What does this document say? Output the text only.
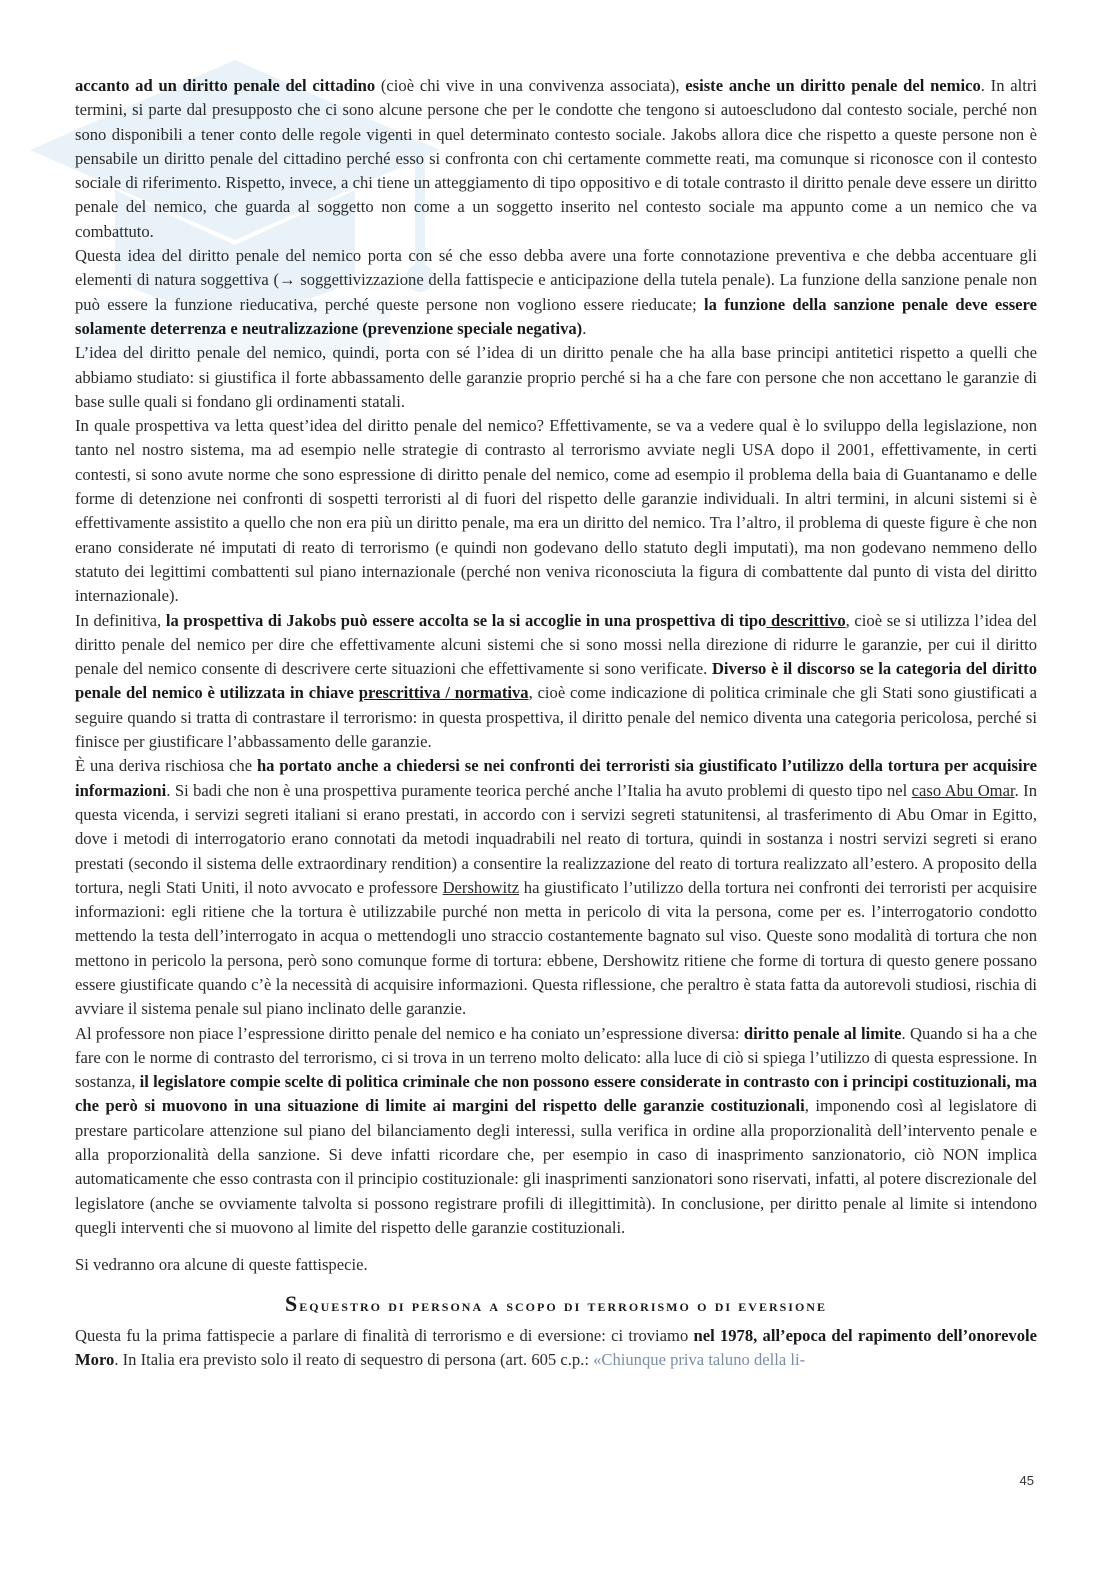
accanto ad un diritto penale del cittadino (cioè chi vive in una convivenza associata), esiste anche un diritto penale del nemico. In altri termini, si parte dal presupposto che ci sono alcune persone che per le condotte che tengono si autoescludono dal contesto sociale, perché non sono disponibili a tener conto delle regole vigenti in quel determinato contesto sociale. Jakobs allora dice che rispetto a queste persone non è pensabile un diritto penale del cittadino perché esso si confronta con chi certamente commette reati, ma comunque si riconosce con il contesto sociale di riferimento. Rispetto, invece, a chi tiene un atteggiamento di tipo oppositivo e di totale contrasto il diritto penale deve essere un diritto penale del nemico, che guarda al soggetto non come a un soggetto inserito nel contesto sociale ma appunto come a un nemico che va combattuto.

Questa idea del diritto penale del nemico porta con sé che esso debba avere una forte connotazione preventiva e che debba accentuare gli elementi di natura soggettiva (→ soggettivizzazione della fattispecie e anticipazione della tutela penale). La funzione della sanzione penale non può essere la funzione rieducativa, perché queste persone non vogliono essere rieducate; la funzione della sanzione penale deve essere solamente deterrenza e neutralizzazione (prevenzione speciale negativa).

L’idea del diritto penale del nemico, quindi, porta con sé l’idea di un diritto penale che ha alla base principi antitetici rispetto a quelli che abbiamo studiato: si giustifica il forte abbassamento delle garanzie proprio perché si ha a che fare con persone che non accettano le garanzie di base sulle quali si fondano gli ordinamenti statali.

In quale prospettiva va letta quest’idea del diritto penale del nemico? Effettivamente, se va a vedere qual è lo sviluppo della legislazione, non tanto nel nostro sistema, ma ad esempio nelle strategie di contrasto al terrorismo avviate negli USA dopo il 2001, effettivamente, in certi contesti, si sono avute norme che sono espressione di diritto penale del nemico, come ad esempio il problema della baia di Guantanamo e delle forme di detenzione nei confronti di sospetti terroristi al di fuori del rispetto delle garanzie individuali. In altri termini, in alcuni sistemi si è effettivamente assistito a quello che non era più un diritto penale, ma era un diritto del nemico. Tra l’altro, il problema di queste figure è che non erano considerate né imputati di reato di terrorismo (e quindi non godevano dello statuto degli imputati), ma non godevano nemmeno dello statuto dei legittimi combattenti sul piano internazionale (perché non veniva riconosciuta la figura di combattente dal punto di vista del diritto internazionale).

In definitiva, la prospettiva di Jakobs può essere accolta se la si accoglie in una prospettiva di tipo descrittivo, cioè se si utilizza l’idea del diritto penale del nemico per dire che effettivamente alcuni sistemi che si sono mossi nella direzione di ridurre le garanzie, per cui il diritto penale del nemico consente di descrivere certe situazioni che effettivamente si sono verificate. Diverso è il discorso se la categoria del diritto penale del nemico è utilizzata in chiave prescrittiva / normativa, cioè come indicazione di politica criminale che gli Stati sono giustificati a seguire quando si tratta di contrastare il terrorismo: in questa prospettiva, il diritto penale del nemico diventa una categoria pericolosa, perché si finisce per giustificare l’abbassamento delle garanzie.

È una deriva rischiosa che ha portato anche a chiedersi se nei confronti dei terroristi sia giustificato l’utilizzo della tortura per acquisire informazioni. Si badi che non è una prospettiva puramente teorica perché anche l’Italia ha avuto problemi di questo tipo nel caso Abu Omar. In questa vicenda, i servizi segreti italiani si erano prestati, in accordo con i servizi segreti statunitensi, al trasferimento di Abu Omar in Egitto, dove i metodi di interrogatorio erano connotati da metodi inquadrabili nel reato di tortura, quindi in sostanza i nostri servizi segreti si erano prestati (secondo il sistema delle extraordinary rendition) a consentire la realizzazione del reato di tortura realizzato all’estero. A proposito della tortura, negli Stati Uniti, il noto avvocato e professore Dershowitz ha giustificato l’utilizzo della tortura nei confronti dei terroristi per acquisire informazioni: egli ritiene che la tortura è utilizzabile purché non metta in pericolo di vita la persona, come per es. l’interrogatorio condotto mettendo la testa dell’interrogato in acqua o mettendogli uno straccio costantemente bagnato sul viso. Queste sono modalità di tortura che non mettono in pericolo la persona, però sono comunque forme di tortura: ebbene, Dershowitz ritiene che forme di tortura di questo genere possano essere giustificate quando c’è la necessità di acquisire informazioni. Questa riflessione, che peraltro è stata fatta da autorevoli studiosi, rischia di avviare il sistema penale sul piano inclinato delle garanzie.

Al professore non piace l’espressione diritto penale del nemico e ha coniato un’espressione diversa: diritto penale al limite. Quando si ha a che fare con le norme di contrasto del terrorismo, ci si trova in un terreno molto delicato: alla luce di ciò si spiega l’utilizzo di questa espressione. In sostanza, il legislatore compie scelte di politica criminale che non possono essere considerate in contrasto con i principi costituzionali, ma che però si muovono in una situazione di limite ai margini del rispetto delle garanzie costituzionali, imponendo così al legislatore di prestare particolare attenzione sul piano del bilanciamento degli interessi, sulla verifica in ordine alla proporzionalità dell’intervento penale e alla proporzionalità della sanzione. Si deve infatti ricordare che, per esempio in caso di inasprimento sanzionatorio, ciò NON implica automaticamente che esso contrasta con il principio costituzionale: gli inasprimenti sanzionatori sono riservati, infatti, al potere discrezionale del legislatore (anche se ovviamente talvolta si possono registrare profili di illegittimità). In conclusione, per diritto penale al limite si intendono quegli interventi che si muovono al limite del rispetto delle garanzie costituzionali.

Si vedranno ora alcune di queste fattispecie.

Sequestro di persona a scopo di terrorismo o di eversione

Questa fu la prima fattispecie a parlare di finalità di terrorismo e di eversione: ci troviamo nel 1978, all’epoca del rapimento dell’onorevole Moro. In Italia era previsto solo il reato di sequestro di persona (art. 605 c.p.: «Chiunque priva taluno della li-

45
